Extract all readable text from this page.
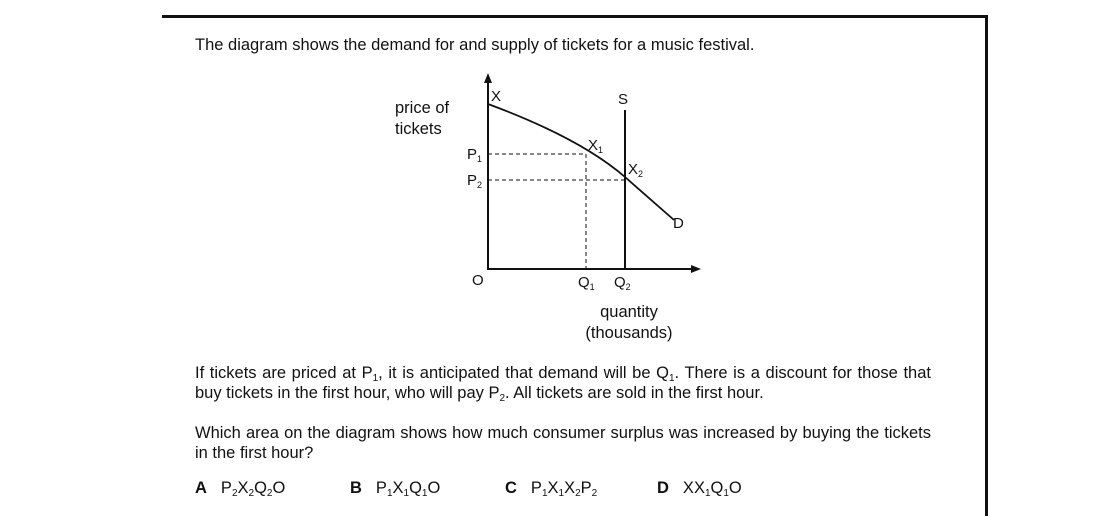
The diagram shows the demand for and supply of tickets for a music festival.
price of
tickets
X	S
D
O
$X_1$
$X_2$
$P_1$
$P_2$
$Q_1$ $Q_2$
quantity
(thousands)
If tickets are priced at $P_1$, it is anticipated that demand will be $Q_1$. There is a discount for those that buy tickets in the first hour, who will pay $P_2$. All tickets are sold in the first hour.
Which area on the diagram shows how much consumer surplus was increased by buying the tickets in the first hour?
A $P_2X_2Q_2O$	B $P_1X_1Q_1O$	C $P_1X_1X_2P_2$	D $XX_1Q_1O$
